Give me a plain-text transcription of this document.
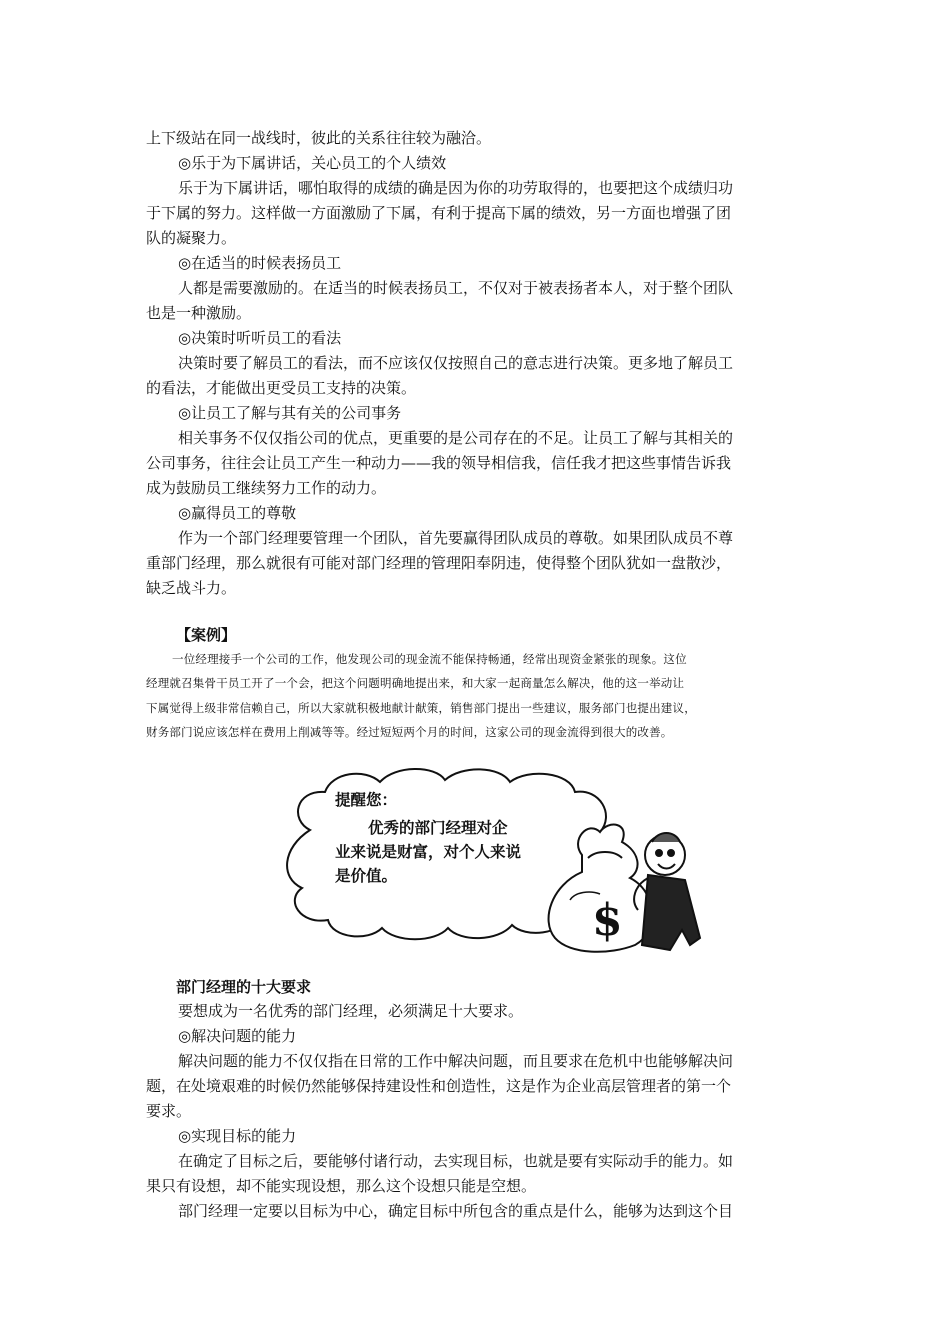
上下级站在同一战线时，彼此的关系往往较为融洽。
◎乐于为下属讲话，关心员工的个人绩效
乐于为下属讲话，哪怕取得的成绩的确是因为你的功劳取得的，也要把这个成绩归功
于下属的努力。这样做一方面激励了下属，有利于提高下属的绩效，另一方面也增强了团
队的凝聚力。
◎在适当的时候表扬员工
人都是需要激励的。在适当的时候表扬员工，不仅对于被表扬者本人，对于整个团队
也是一种激励。
◎决策时听听员工的看法
决策时要了解员工的看法，而不应该仅仅按照自己的意志进行决策。更多地了解员工
的看法，才能做出更受员工支持的决策。
◎让员工了解与其有关的公司事务
相关事务不仅仅指公司的优点，更重要的是公司存在的不足。让员工了解与其相关的
公司事务，往往会让员工产生一种动力——我的领导相信我，信任我才把这些事情告诉我
成为鼓励员工继续努力工作的动力。
◎赢得员工的尊敬
作为一个部门经理要管理一个团队，首先要赢得团队成员的尊敬。如果团队成员不尊
重部门经理，那么就很有可能对部门经理的管理阳奉阴违，使得整个团队犹如一盘散沙，
缺乏战斗力。
【案例】
一位经理接手一个公司的工作，他发现公司的现金流不能保持畅通，经常出现资金紧张的现象。这位
经理就召集骨干员工开了一个会，把这个问题明确地提出来，和大家一起商量怎么解决，他的这一举动让
下属觉得上级非常信赖自己，所以大家就积极地献计献策，销售部门提出一些建议，服务部门也提出建议，
财务部门说应该怎样在费用上削减等等。经过短短两个月的时间，这家公司的现金流得到很大的改善。
提醒您：
优秀的部门经理对企
业来说是财富，对个人来说
是价值。
$
部门经理的十大要求
要想成为一名优秀的部门经理，必须满足十大要求。
◎解决问题的能力
解决问题的能力不仅仅指在日常的工作中解决问题，而且要求在危机中也能够解决问
题，在处境艰难的时候仍然能够保持建设性和创造性，这是作为企业高层管理者的第一个
要求。
◎实现目标的能力
在确定了目标之后，要能够付诸行动，去实现目标，也就是要有实际动手的能力。如
果只有设想，却不能实现设想，那么这个设想只能是空想。
部门经理一定要以目标为中心，确定目标中所包含的重点是什么，能够为达到这个目
